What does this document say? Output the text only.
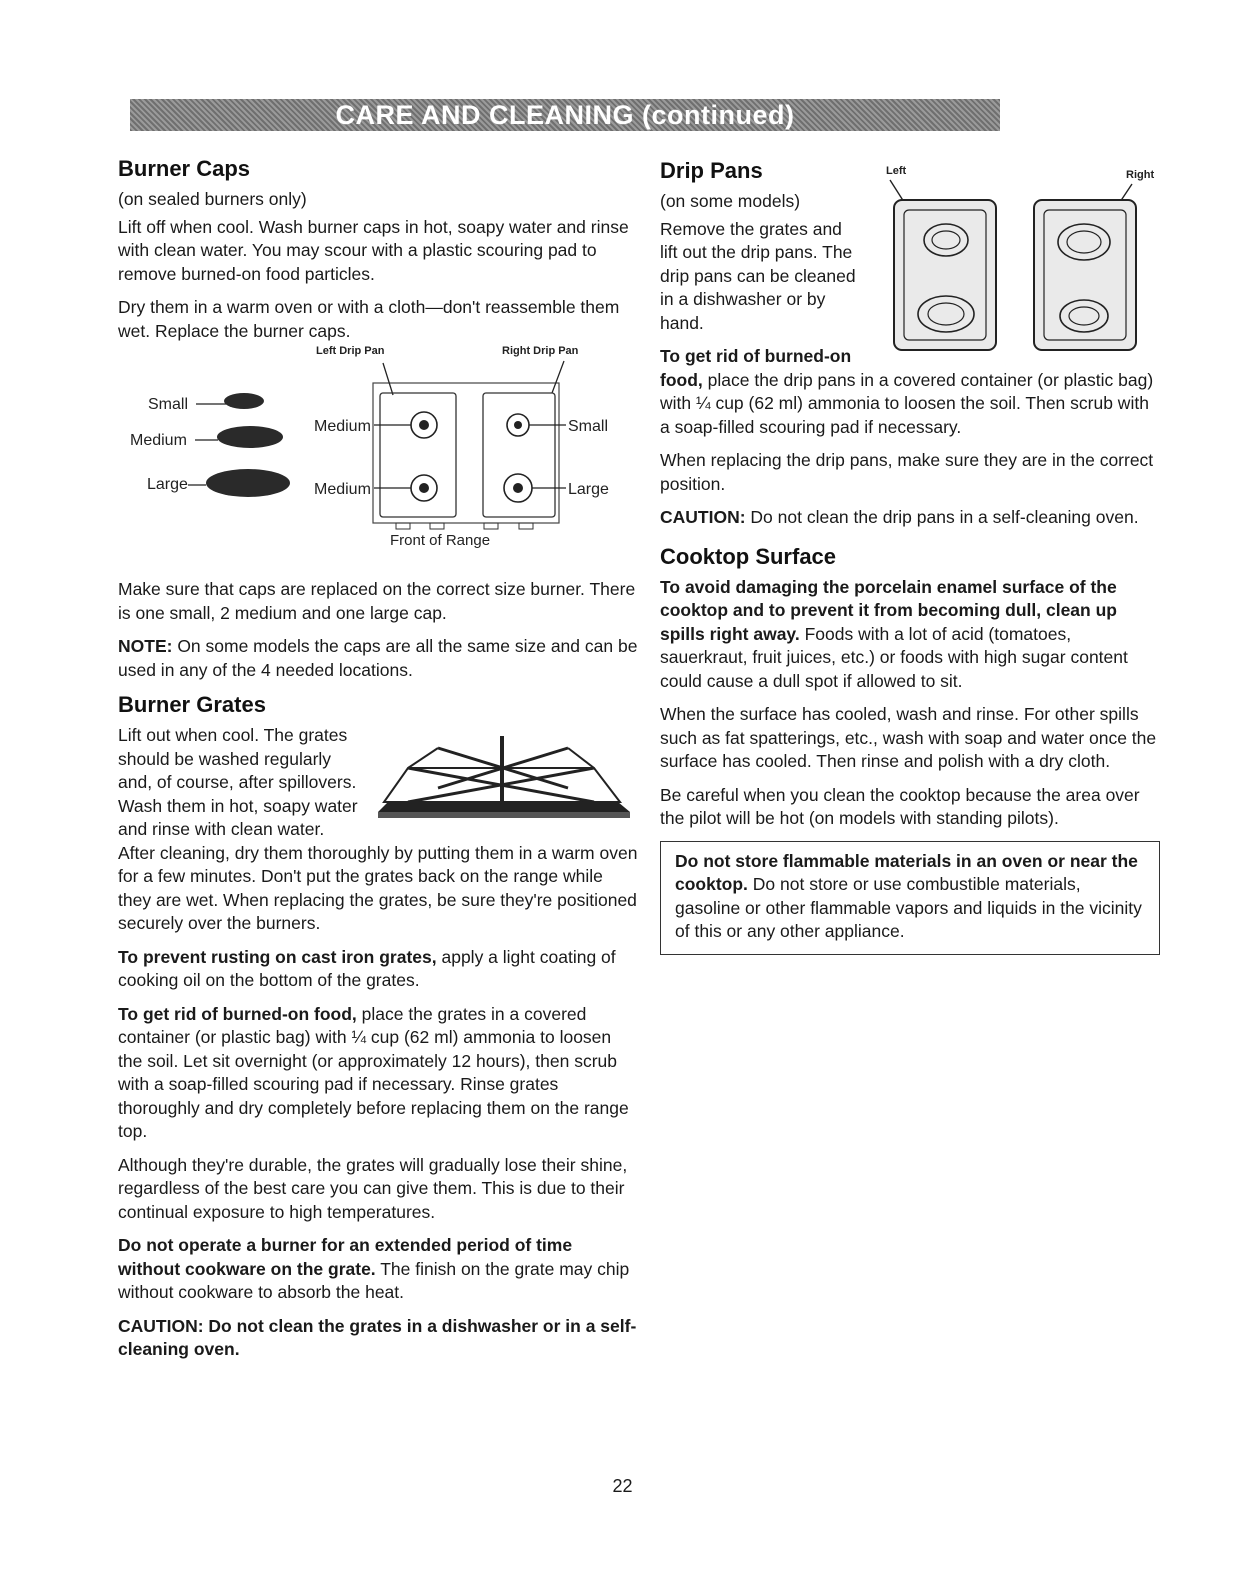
CARE AND CLEANING (continued)
Burner Caps

(on sealed burners only)

Lift off when cool. Wash burner caps in hot, soapy water and rinse with clean water. You may scour with a plastic scouring pad to remove burned-on food particles.

Dry them in a warm oven or with a cloth—don't reassemble them wet. Replace the burner caps.

Left Drip Pan	Right Drip Pan
Small
Medium
Large
Medium
Medium
Small
Large
Front of Range

Make sure that caps are replaced on the correct size burner. There is one small, 2 medium and one large cap.

NOTE: On some models the caps are all the same size and can be used in any of the 4 needed locations.

Burner Grates

Lift out when cool. The grates should be washed regularly and, of course, after spillovers. Wash them in hot, soapy water and rinse with clean water. After cleaning, dry them thoroughly by putting them in a warm oven for a few minutes. Don't put the grates back on the range while they are wet. When replacing the grates, be sure they're positioned securely over the burners.

To prevent rusting on cast iron grates, apply a light coating of cooking oil on the bottom of the grates.

To get rid of burned-on food, place the grates in a covered container (or plastic bag) with ¼ cup (62 ml) ammonia to loosen the soil. Let sit overnight (or approximately 12 hours), then scrub with a soap-filled scouring pad if necessary. Rinse grates thoroughly and dry completely before replacing them on the range top.

Although they're durable, the grates will gradually lose their shine, regardless of the best care you can give them. This is due to their continual exposure to high temperatures.

Do not operate a burner for an extended period of time without cookware on the grate. The finish on the grate may chip without cookware to absorb the heat.

CAUTION: Do not clean the grates in a dishwasher or in a self-cleaning oven.

Left	Right
Drip Pans

(on some models)

Remove the grates and lift out the drip pans. The drip pans can be cleaned in a dishwasher or by hand.

To get rid of burned-on food, place the drip pans in a covered container (or plastic bag) with ¼ cup (62 ml) ammonia to loosen the soil. Then scrub with a soap-filled scouring pad if necessary.

When replacing the drip pans, make sure they are in the correct position.

CAUTION: Do not clean the drip pans in a self-cleaning oven.

Cooktop Surface

To avoid damaging the porcelain enamel surface of the cooktop and to prevent it from becoming dull, clean up spills right away. Foods with a lot of acid (tomatoes, sauerkraut, fruit juices, etc.) or foods with high sugar content could cause a dull spot if allowed to sit.

When the surface has cooled, wash and rinse. For other spills such as fat spatterings, etc., wash with soap and water once the surface has cooled. Then rinse and polish with a dry cloth.

Be careful when you clean the cooktop because the area over the pilot will be hot (on models with standing pilots).

Do not store flammable materials in an oven or near the cooktop. Do not store or use combustible materials, gasoline or other flammable vapors and liquids in the vicinity of this or any other appliance.

22
